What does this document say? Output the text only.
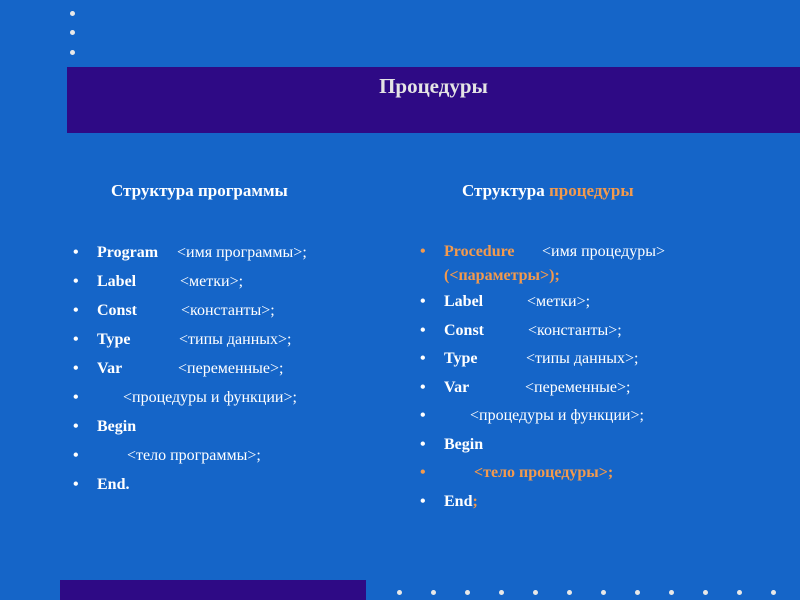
Процедуры
Структура программы
• Program <имя программы>;
• Label	<метки>;
• Const	<константы>;
• Type	<типы данных>;
• Var	<переменные>;
• <процедуры и функции>;
• Begin
• <тело программы>;
• End.
Структура процедуры
• Procedure <имя процедуры>
(<параметры>);
• Label	<метки>;
• Const	<константы>;
• Type	<типы данных>;
• Var	<переменные>;
• <процедуры и функции>;
• Begin
• <тело процедуры>;
• End;
